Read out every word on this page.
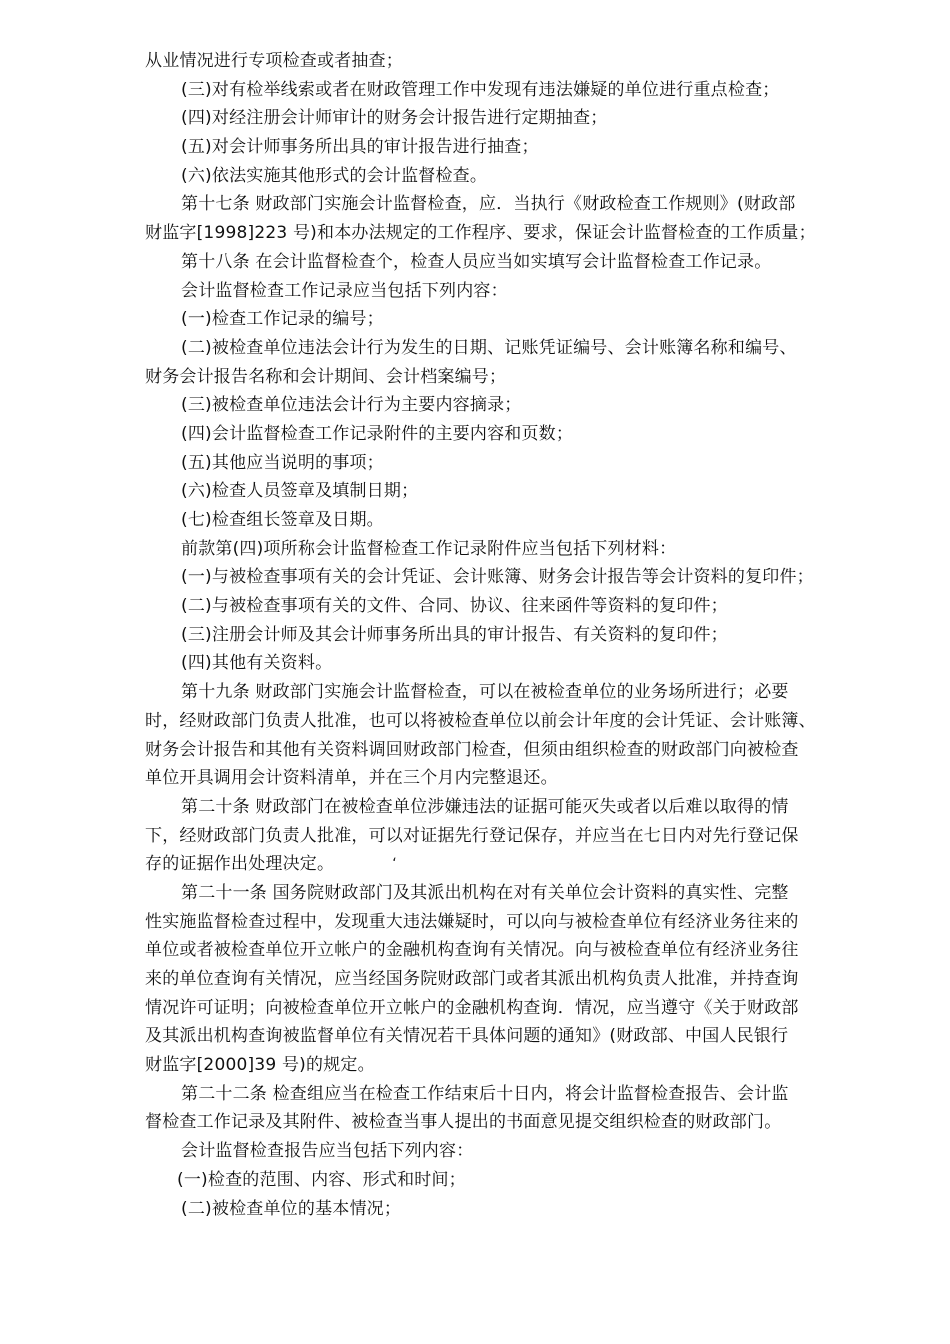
从业情况进行专项检查或者抽查；
(三)对有检举线索或者在财政管理工作中发现有违法嫌疑的单位进行重点检查；
(四)对经注册会计师审计的财务会计报告进行定期抽查；
(五)对会计师事务所出具的审计报告进行抽查；
(六)依法实施其他形式的会计监督检查。
第十七条 财政部门实施会计监督检查，应．当执行《财政检查工作规则》(财政部
财监字[1998]223 号)和本办法规定的工作程序、要求，保证会计监督检查的工作质量；
第十八条 在会计监督检查个，检查人员应当如实填写会计监督检查工作记录。
会计监督检查工作记录应当包括下列内容：
(一)检查工作记录的编号；
(二)被检查单位违法会计行为发生的日期、记账凭证编号、会计账簿名称和编号、
财务会计报告名称和会计期间、会计档案编号；
(三)被检查单位违法会计行为主要内容摘录；
(四)会计监督检查工作记录附件的主要内容和页数；
(五)其他应当说明的事项；
(六)检查人员签章及填制日期；
(七)检查组长签章及日期。
前款第(四)项所称会计监督检查工作记录附件应当包括下列材料：
(一)与被检查事项有关的会计凭证、会计账簿、财务会计报告等会计资料的复印件；
(二)与被检查事项有关的文件、合同、协议、往来函件等资料的复印件；
(三)注册会计师及其会计师事务所出具的审计报告、有关资料的复印件；
(四)其他有关资料。
第十九条 财政部门实施会计监督检查，可以在被检查单位的业务场所进行；必要
时，经财政部门负责人批准，也可以将被检查单位以前会计年度的会计凭证、会计账簿、
财务会计报告和其他有关资料调回财政部门检查，但须由组织检查的财政部门向被检查
单位开具调用会计资料清单，并在三个月内完整退还。
第二十条 财政部门在被检查单位涉嫌违法的证据可能灭失或者以后难以取得的情
下，经财政部门负责人批准，可以对证据先行登记保存，并应当在七日内对先行登记保
存的证据作出处理决定。	‘
第二十一条 国务院财政部门及其派出机构在对有关单位会计资料的真实性、完整
性实施监督检查过程中，发现重大违法嫌疑时，可以向与被检查单位有经济业务往来的
单位或者被检查单位开立帐户的金融机构查询有关情况。向与被检查单位有经济业务往
来的单位查询有关情况，应当经国务院财政部门或者其派出机构负责人批准，并持查询
情况许可证明；向被检查单位开立帐户的金融机构查询．情况，应当遵守《关于财政部
及其派出机构查询被监督单位有关情况若干具体问题的通知》(财政部、中国人民银行
财监字[2000]39 号)的规定。
第二十二条 检查组应当在检查工作结束后十日内，将会计监督检查报告、会计监
督检查工作记录及其附件、被检查当事人提出的书面意见提交组织检查的财政部门。
会计监督检查报告应当包括下列内容：
(一)检查的范围、内容、形式和时间；
(二)被检查单位的基本情况；
